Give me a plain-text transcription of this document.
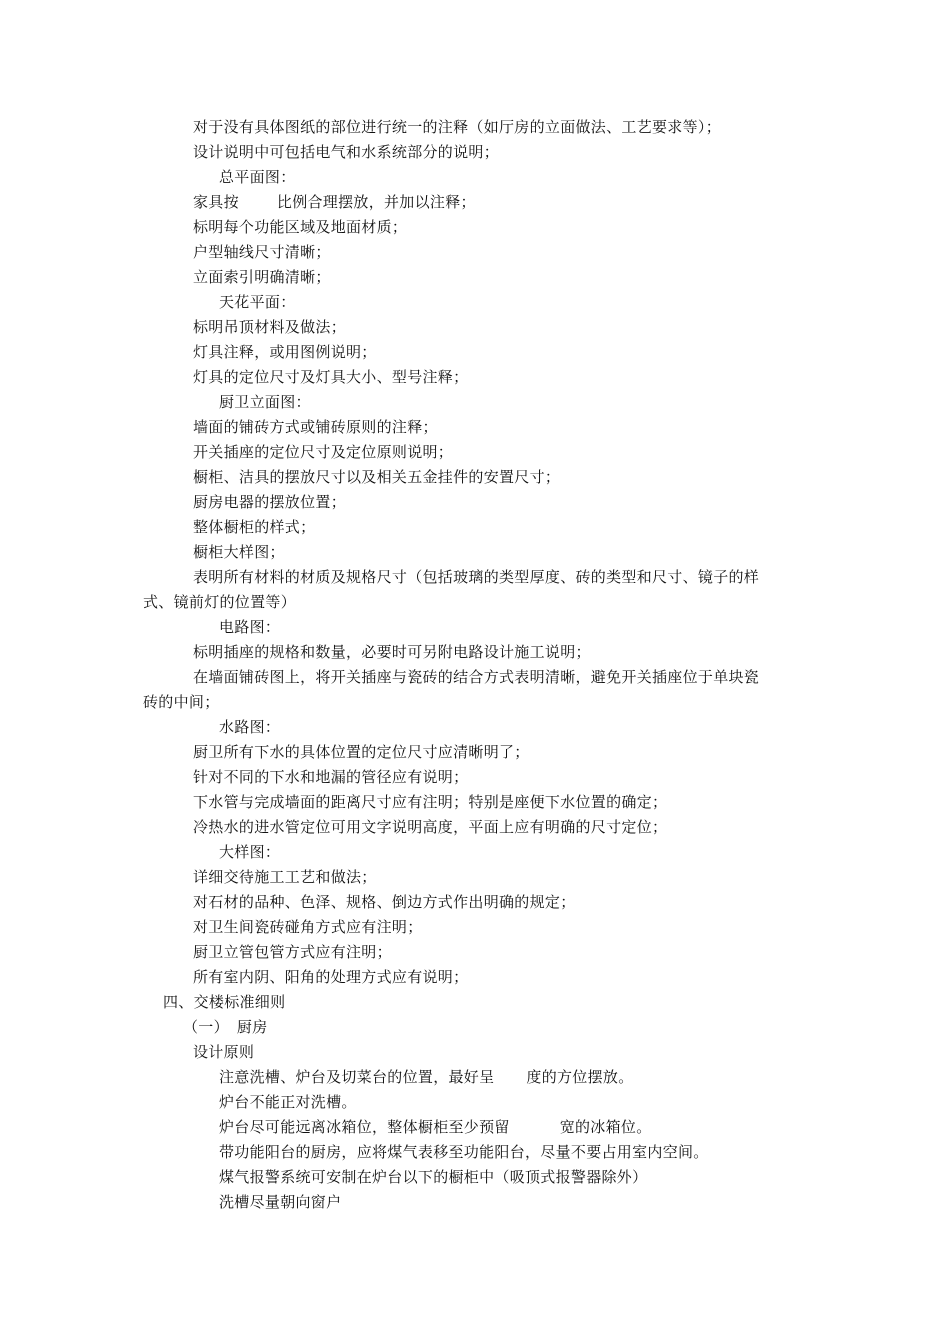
对于没有具体图纸的部位进行统一的注释（如厅房的立面做法、工艺要求等）；
设计说明中可包括电气和水系统部分的说明；
总平面图：
家具按	比例合理摆放，并加以注释；
标明每个功能区域及地面材质；
户型轴线尺寸清晰；
立面索引明确清晰；
天花平面：
标明吊顶材料及做法；
灯具注释，或用图例说明；
灯具的定位尺寸及灯具大小、型号注释；
厨卫立面图：
墙面的铺砖方式或铺砖原则的注释；
开关插座的定位尺寸及定位原则说明；
橱柜、洁具的摆放尺寸以及相关五金挂件的安置尺寸；
厨房电器的摆放位置；
整体橱柜的样式；
橱柜大样图；
表明所有材料的材质及规格尺寸（包括玻璃的类型厚度、砖的类型和尺寸、镜子的样
式、镜前灯的位置等）
电路图：
标明插座的规格和数量，必要时可另附电路设计施工说明；
在墙面铺砖图上，将开关插座与瓷砖的结合方式表明清晰，避免开关插座位于单块瓷
砖的中间；
水路图：
厨卫所有下水的具体位置的定位尺寸应清晰明了；
针对不同的下水和地漏的管径应有说明；
下水管与完成墙面的距离尺寸应有注明；特别是座便下水位置的确定；
冷热水的进水管定位可用文字说明高度，平面上应有明确的尺寸定位；
大样图：
详细交待施工工艺和做法；
对石材的品种、色泽、规格、倒边方式作出明确的规定；
对卫生间瓷砖碰角方式应有注明；
厨卫立管包管方式应有注明；
所有室内阴、阳角的处理方式应有说明；
四、交楼标准细则
（一） 厨房
设计原则
注意洗槽、炉台及切菜台的位置，最好呈 度的方位摆放。
炉台不能正对洗槽。
炉台尽可能远离冰箱位，整体橱柜至少预留	宽的冰箱位。
带功能阳台的厨房，应将煤气表移至功能阳台，尽量不要占用室内空间。
煤气报警系统可安制在炉台以下的橱柜中（吸顶式报警器除外）
洗槽尽量朝向窗户
